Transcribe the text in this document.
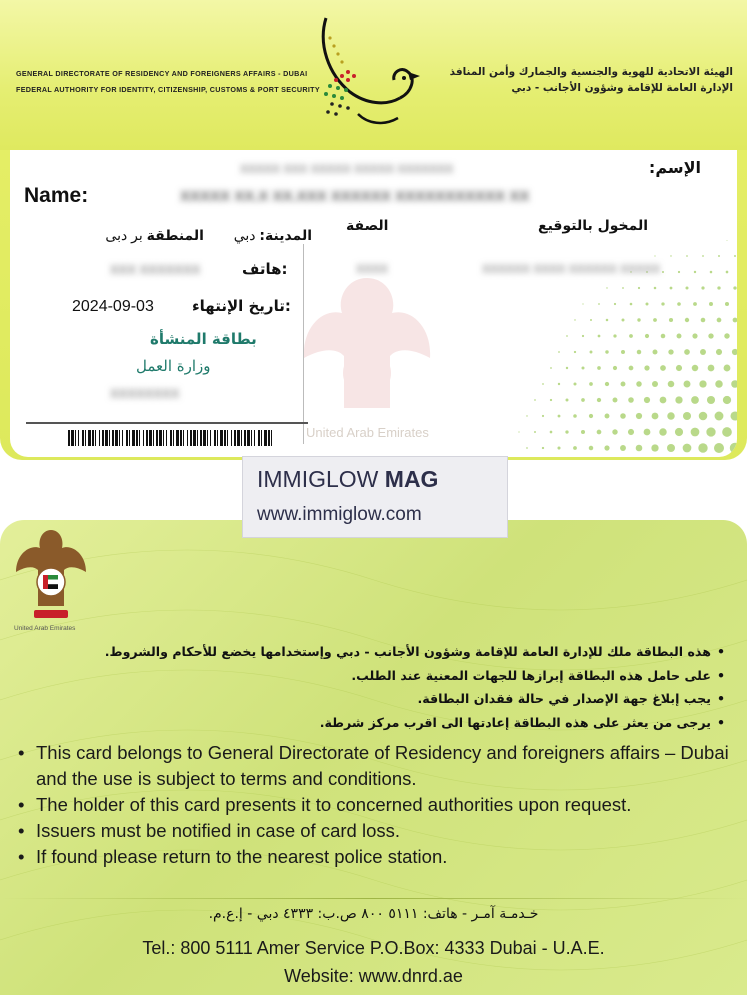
GENERAL DIRECTORATE OF RESIDENCY AND FOREIGNERS AFFAIRS - DUBAI
FEDERAL AUTHORITY FOR IDENTITY, CITIZENSHIP, CUSTOMS & PORT SECURITY
الهيئة الاتحادية للهوية والجنسية والجمارك وأمن المنافذ
الإدارة العامة للإقامة وشؤون الأجانب - دبي
United Arab Emirates
الإسم:
XXXXX XXX XXXXX XXXXX XXXXXXX
Name:	XXXXX XX.X XX.XXX XXXXXX XXXXXXXXXXX XX
المدينة: دبي
المنطقة بر دبى
XXX XXXXXXX	هاتف:
2024-09-03	تاريخ الإنتهاء:
بطاقة المنشأة
وزارة العمل
XXXXXXXX
الصفة	المخول بالتوقيع
XXXX	XXXXXX XXXX XXXXXX XXXXX
IMMIGLOW MAG
www.immiglow.com
United Arab Emirates
• هذه البطاقة ملك للإدارة العامة للإقامة وشؤون الأجانب - دبي وإستخدامها يخضع للأحكام والشروط.
• على حامل هذه البطاقة إبرازها للجهات المعنية عند الطلب.
• يجب إبلاغ جهة الإصدار في حالة فقدان البطاقة.
• يرجى من يعثر على هذه البطاقة إعادتها الى اقرب مركز شرطة.
• This card belongs to General Directorate of Residency and foreigners affairs – Dubai and the use is subject to terms and conditions.
• The holder of this card presents it to concerned authorities upon request.
• Issuers must be notified in case of card loss.
• If found please return to the nearest police station.
خـدمـة آمـر - هاتف: ٥١١١ ٨٠٠ ص.ب: ٤٣٣٣ دبي - إ.ع.م.
Tel.: 800 5111 Amer Service P.O.Box: 4333 Dubai - U.A.E.
Website: www.dnrd.ae
